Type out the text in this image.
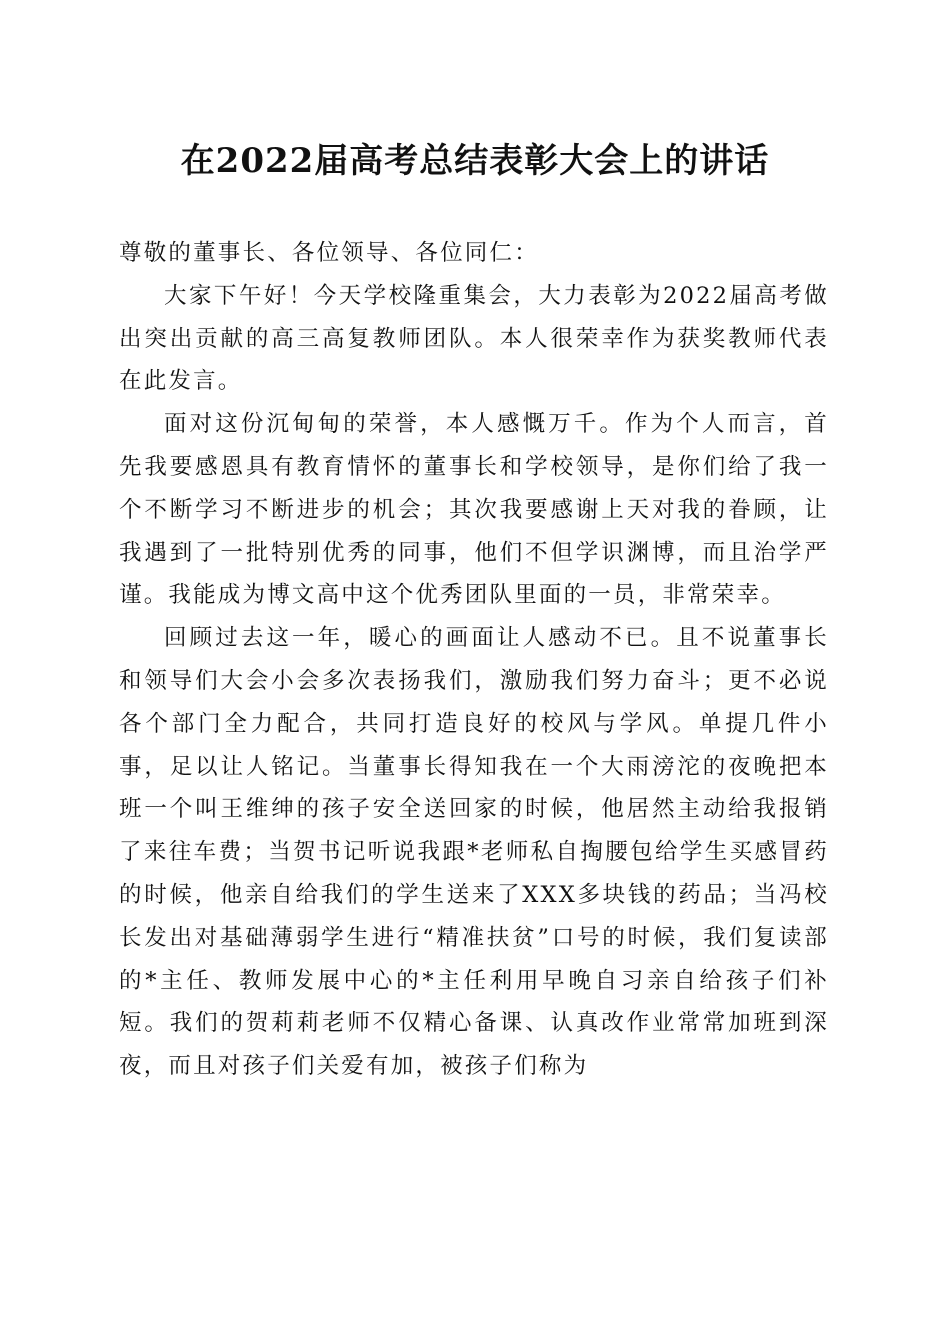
在2022届高考总结表彰大会上的讲话

尊敬的董事长、各位领导、各位同仁：

大家下午好！今天学校隆重集会，大力表彰为2022届高考做出突出贡献的高三高复教师团队。本人很荣幸作为获奖教师代表在此发言。

面对这份沉甸甸的荣誉，本人感慨万千。作为个人而言，首先我要感恩具有教育情怀的董事长和学校领导，是你们给了我一个不断学习不断进步的机会；其次我要感谢上天对我的眷顾，让我遇到了一批特别优秀的同事，他们不但学识渊博，而且治学严谨。我能成为博文高中这个优秀团队里面的一员，非常荣幸。

回顾过去这一年，暖心的画面让人感动不已。且不说董事长和领导们大会小会多次表扬我们，激励我们努力奋斗；更不必说各个部门全力配合，共同打造良好的校风与学风。单提几件小事，足以让人铭记。当董事长得知我在一个大雨滂沱的夜晚把本班一个叫王维绅的孩子安全送回家的时候，他居然主动给我报销了来往车费；当贺书记听说我跟*老师私自掏腰包给学生买感冒药的时候，他亲自给我们的学生送来了XXX多块钱的药品；当冯校长发出对基础薄弱学生进行“精准扶贫”口号的时候，我们复读部的*主任、教师发展中心的*主任利用早晚自习亲自给孩子们补短。我们的贺莉莉老师不仅精心备课、认真改作业常常加班到深夜，而且对孩子们关爱有加，被孩子们称为
